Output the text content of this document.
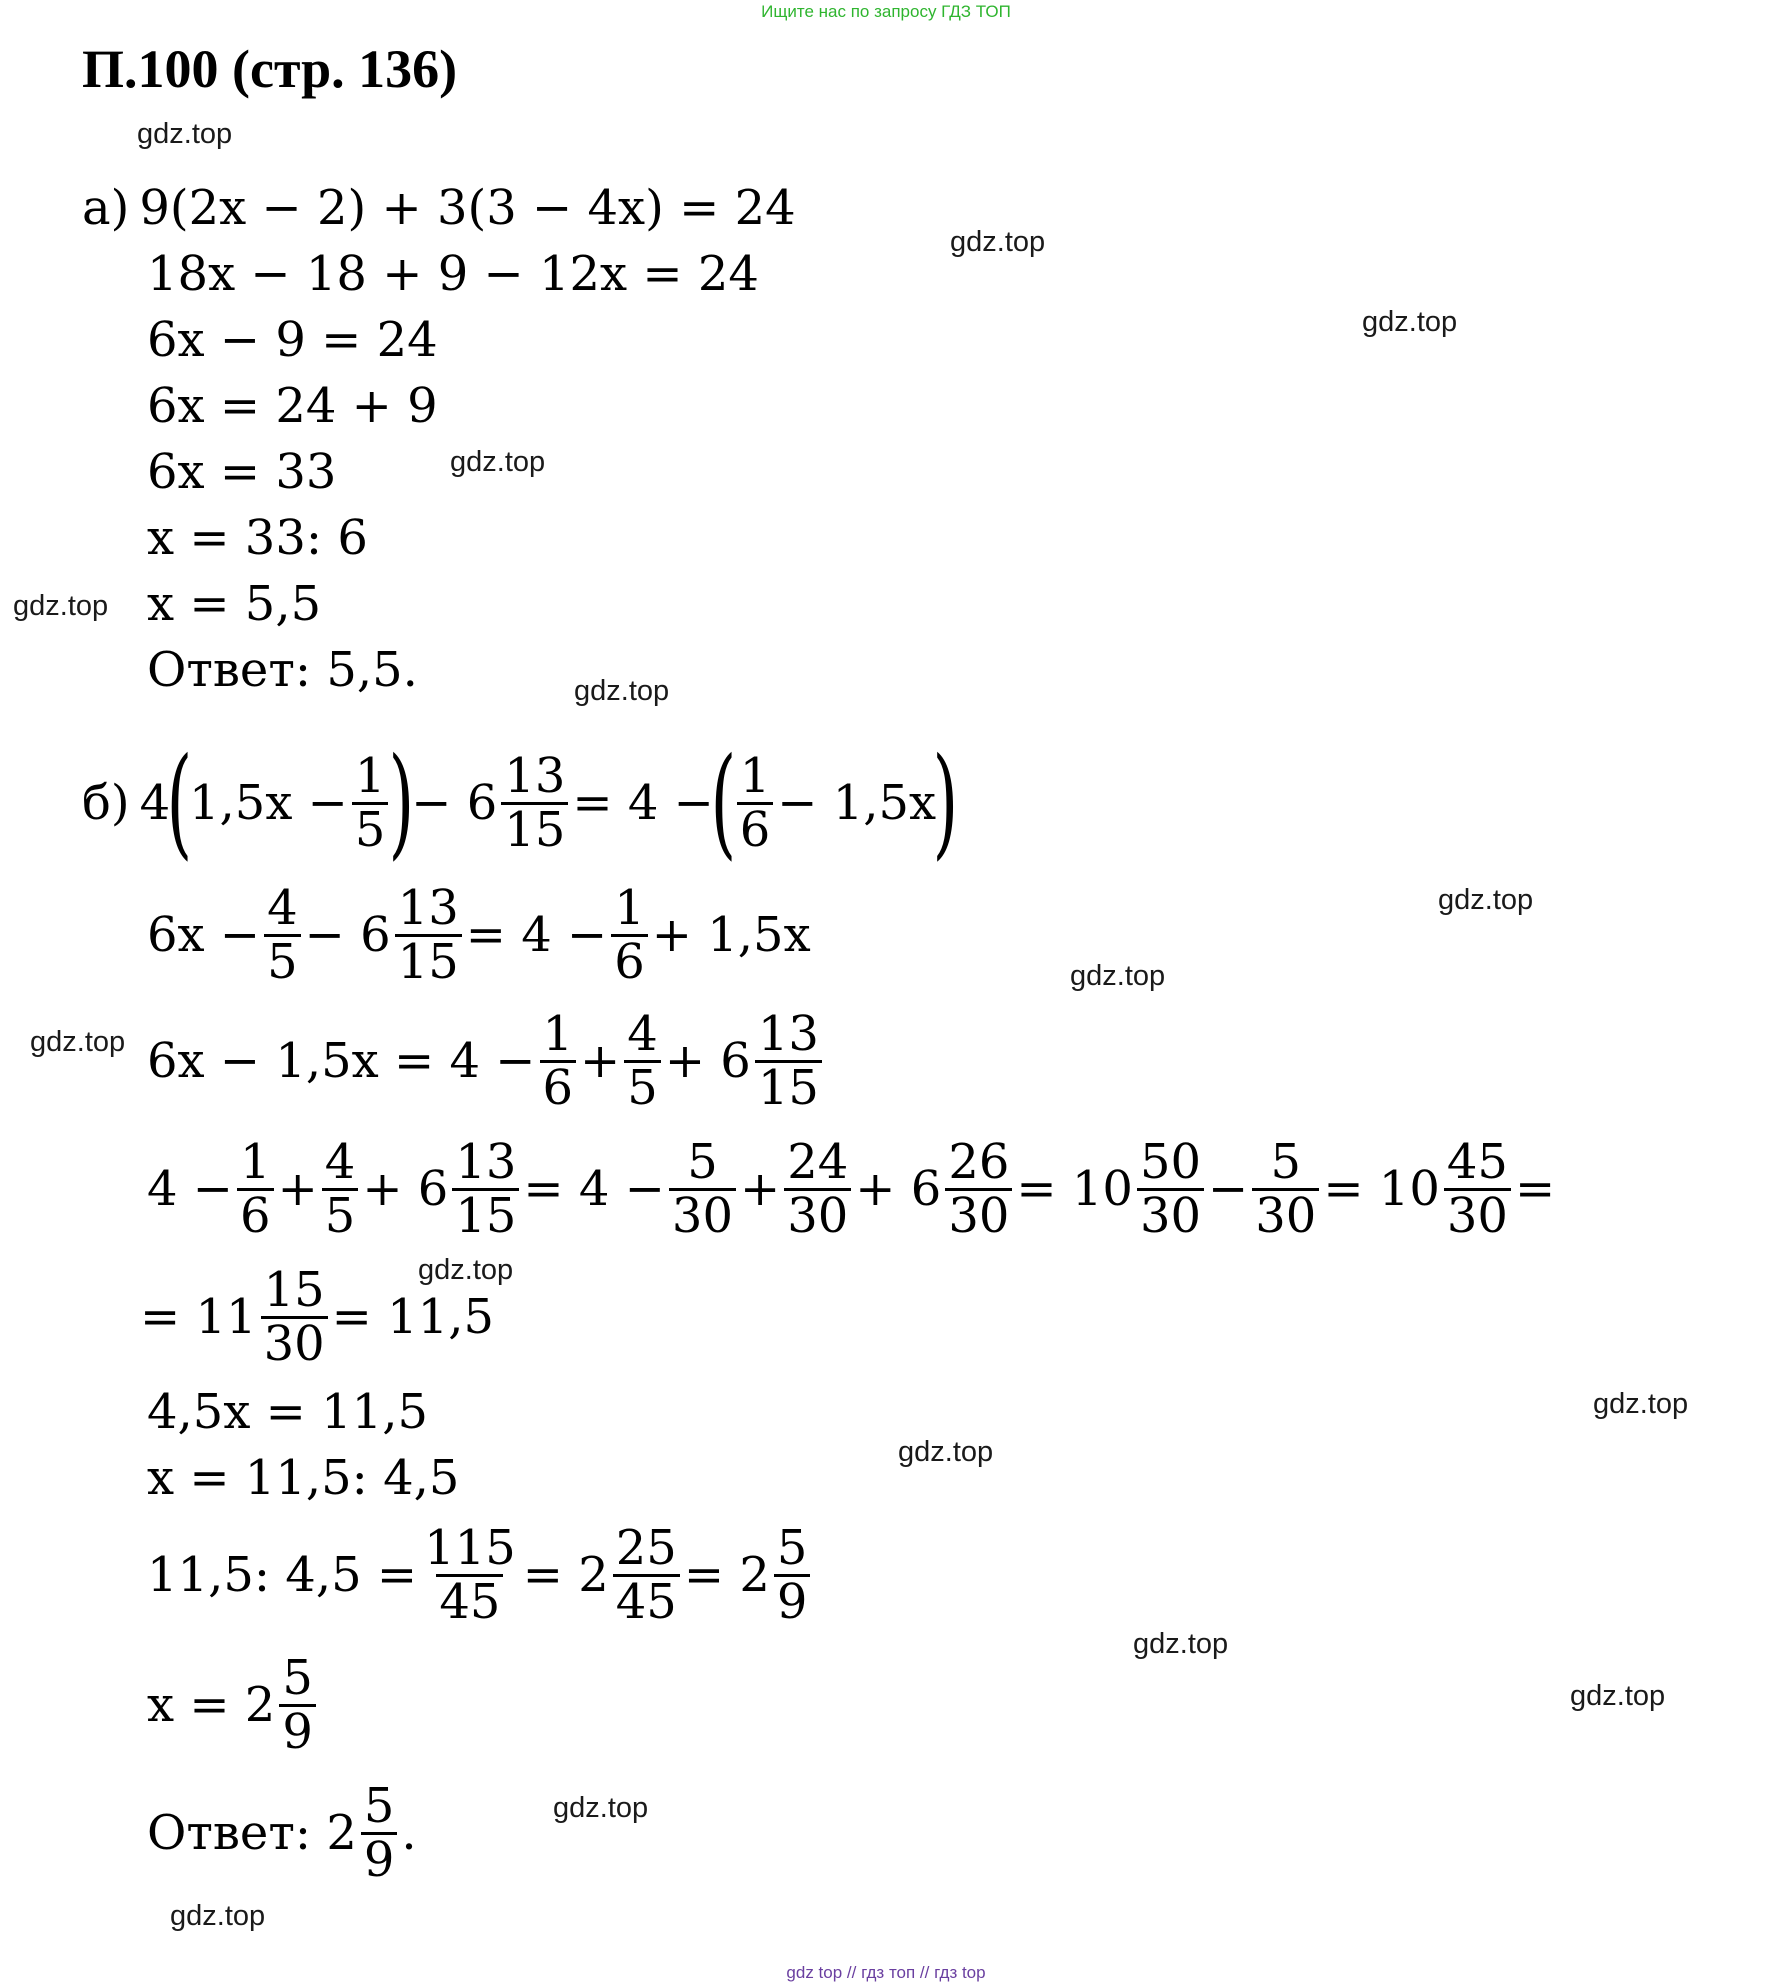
Ищите нас по запросу ГДЗ ТОП
П.100 (стр. 136)
gdz.top
gdz.top
gdz.top
gdz.top
gdz.top
gdz.top
gdz.top
gdz.top
gdz.top
gdz.top
gdz.top
gdz.top
gdz.top
gdz.top
gdz.top
gdz.top
а) 9(2x − 2) + 3(3 − 4x) = 24
18x − 18 + 9 − 12x = 24
6x − 9 = 24
6x = 24 + 9
6x = 33
x = 33: 6
x = 5,5
Ответ: 5,5.
б) 4
(
$1,5x - \frac{1}{5}$ )
− $6 \frac{13}{15} = 4$ −
( $\frac{1}{6} - 1,5x$
)
$6x - \frac{4}{5} - 6 \frac{13}{15} = 4 - \frac{1}{6} + 1,5x$
$6x - 1,5x = 4 - \frac{1}{6} + \frac{4}{5} + 6 \frac{13}{15}$
$4 - \frac{1}{6} + \frac{4}{5} + 6 \frac{13}{15} = 4 - \frac{5}{30} + \frac{24}{30} + 6 \frac{26}{30} = 10 \frac{50}{30} - \frac{5}{30} = 10 \frac{45}{30}$ =
= $11 \frac{15}{30} = 11,5$
4,5x = 11,5
x = 11,5: 4,5
11,5: $4,5 = \frac{115}{45} = 2 \frac{25}{45} = 2 \frac{5}{9}$
$x = 2 \frac{5}{9}$
Ответ: $2 \frac{5}{9}$ .
gdz top // гдз топ // гдз top
